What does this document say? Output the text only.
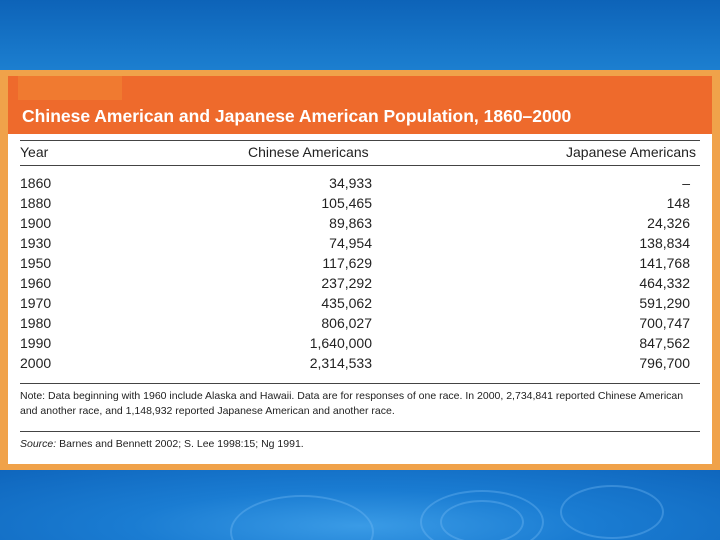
Chinese American and Japanese American Population, 1860–2000
Year	Chinese Americans	Japanese Americans
1860	34,933	–
1880	105,465	148
1900	89,863	24,326
1930	74,954	138,834
1950	117,629	141,768
1960	237,292	464,332
1970	435,062	591,290
1980	806,027	700,747
1990	1,640,000	847,562
2000	2,314,533	796,700
Note: Data beginning with 1960 include Alaska and Hawaii. Data are for responses of one race. In 2000, 2,734,841 reported Chinese American and another race, and 1,148,932 reported Japanese American and another race.
Source: Barnes and Bennett 2002; S. Lee 1998:15; Ng 1991.
